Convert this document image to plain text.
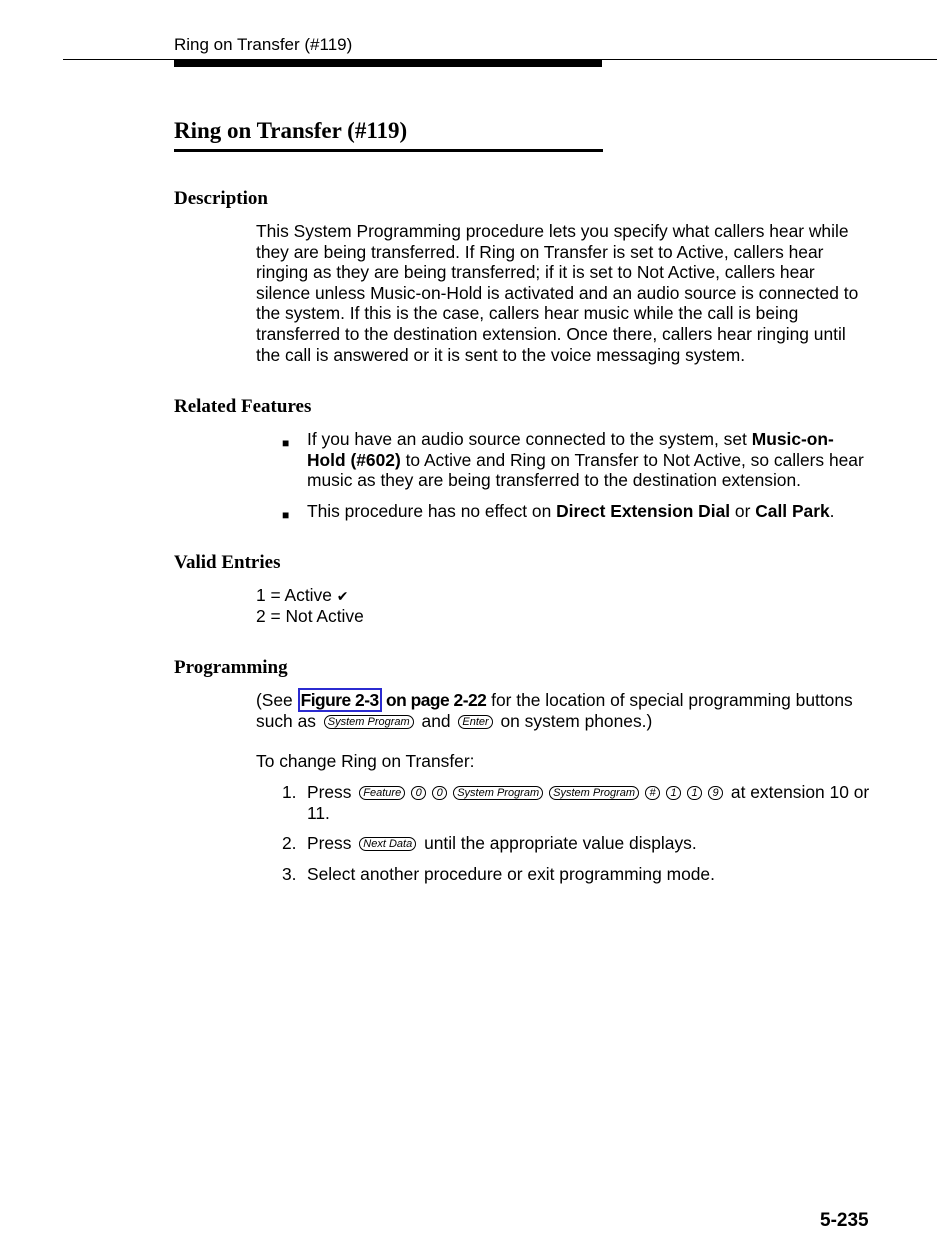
Ring on Transfer (#119)
Ring on Transfer (#119)
Description
This System Programming procedure lets you specify what callers hear while they are being transferred. If Ring on Transfer is set to Active, callers hear ringing as they are being transferred; if it is set to Not Active, callers hear silence unless Music-on-Hold is activated and an audio source is connected to the system. If this is the case, callers hear music while the call is being transferred to the destination extension. Once there, callers hear ringing until the call is answered or it is sent to the voice messaging system.
Related Features
■ If you have an audio source connected to the system, set Music-on-Hold (#602) to Active and Ring on Transfer to Not Active, so callers hear music as they are being transferred to the destination extension.
■ This procedure has no effect on Direct Extension Dial or Call Park.
Valid Entries
1 = Active ✔
2 = Not Active
Programming
(See Figure 2-3 on page 2-22 for the location of special programming buttons such as System Program and Enter on system phones.)
To change Ring on Transfer:
1. Press Feature 0 0 System Program System Program # 1 1 9 at extension 10 or 11.
2. Press Next Data until the appropriate value displays.
3. Select another procedure or exit programming mode.
5-235
